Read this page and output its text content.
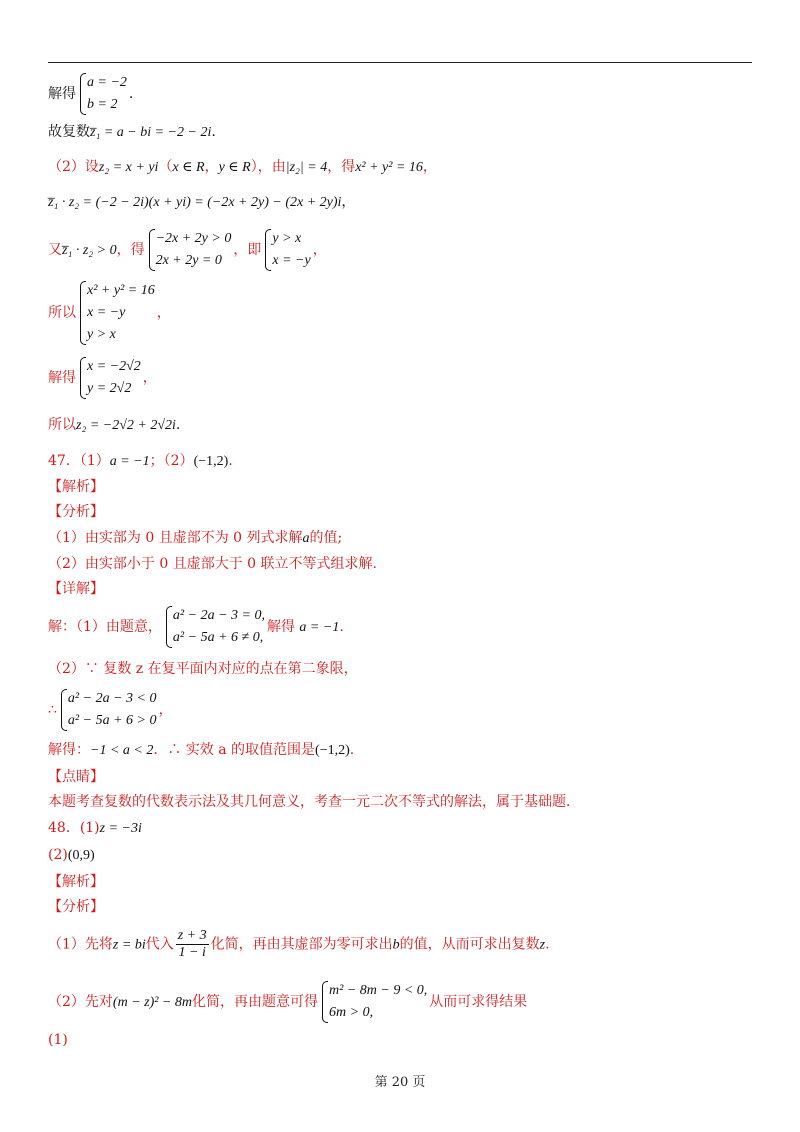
解得
a = −2
b = 2
.
故复数z̅₁ = a − bi = −2 − 2i.
（2）设z₂ = x + yi（x ∈ R，y ∈ R），由|z₂| = 4，得x² + y² = 16，
z̅₁ · z₂ = (−2 − 2i)(x + yi) = (−2x + 2y) − (2x + 2y)i，
又z̅₁ · z₂ > 0，得
−2x + 2y > 0
2x + 2y = 0
，即
y > x
x = −y
，
所以
x² + y² = 16
x = −y
y > x
，
解得
x = −2√2
y = 2√2
，
所以z₂ = −2√2 + 2√2i.
47．（1）a = −1；（2）(−1,2).
【解析】
【分析】
（1）由实部为 0 且虚部不为 0 列式求解a的值;
（2）由实部小于 0 且虚部大于 0 联立不等式组求解.
【详解】
解：（1）由题意，
a² − 2a − 3 = 0,
a² − 5a + 6 ≠ 0,
解得 a = −1.
（2）∵ 复数 z 在复平面内对应的点在第二象限，
∴
a² − 2a − 3 < 0
a² − 5a + 6 > 0
，
解得：−1 < a < 2．∴ 实效 a 的取值范围是(−1,2).
【点睛】
本题考查复数的代数表示法及其几何意义，考查一元二次不等式的解法，属于基础题．
48．(1)z = −3i
(2)(0,9)
【解析】
【分析】
（1）先将z = bi代入 $\frac{z + 3}{1 - i}$ 化简，再由其虚部为零可求出b的值，从而可求出复数z.
（2）先对(m − z)² − 8m化简，再由题意可得
m² − 8m − 9 < 0,
6m > 0,
从而可求得结果
(1)
第 20 页
